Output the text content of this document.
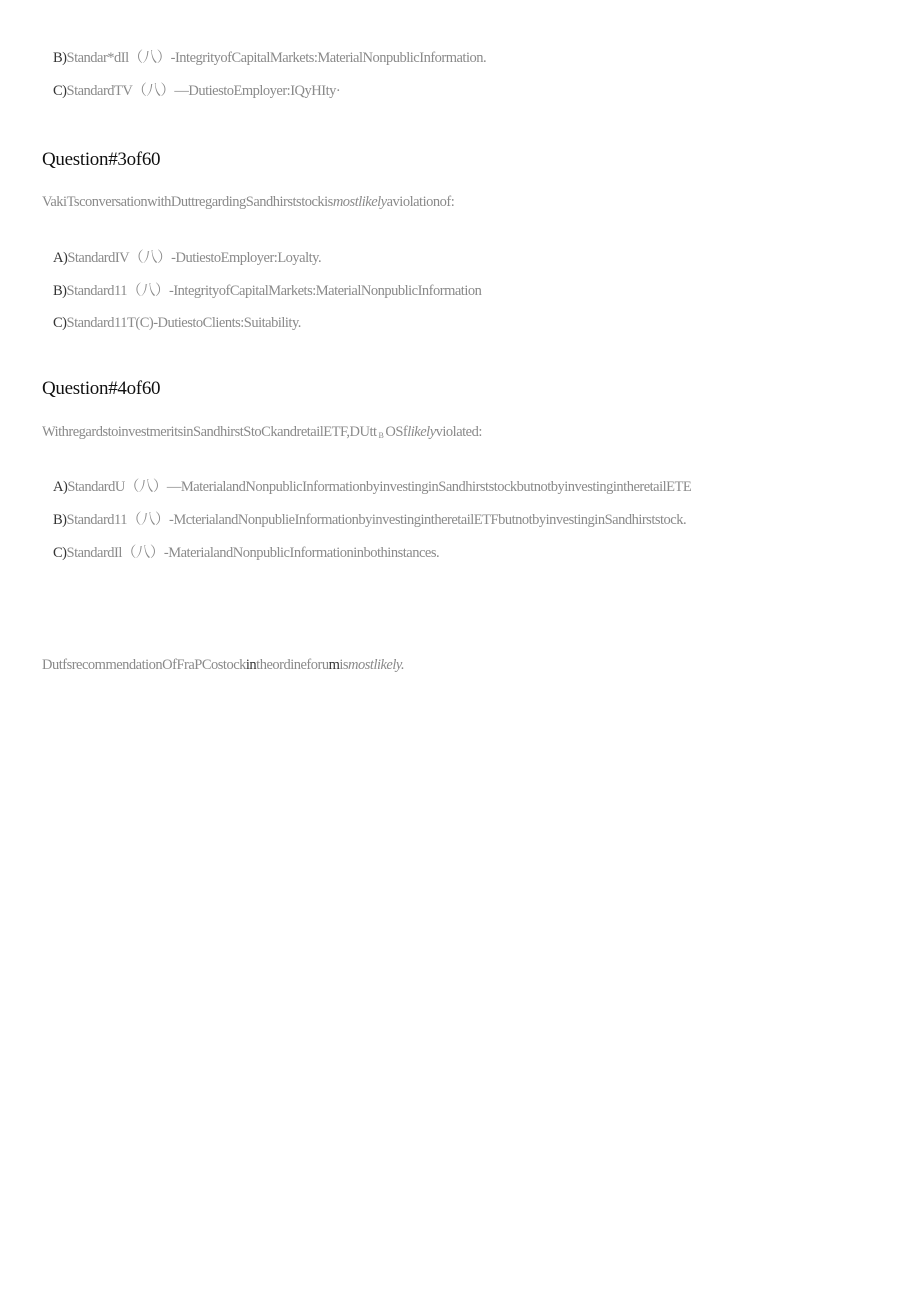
B)Standar*dIl（八）-IntegrityofCapitalMarkets:MaterialNonpublicInformation.
C)StandardTV（八）—DutiestoEmployer:IQyHIty·
Question#3of60
VakiTsconversationwithDuttregardingSandhirststockismostlikelyaviolationof:
A)StandardIV（八）-DutiestoEmployer:Loyalty.
B)Standard11（八）-IntegrityofCapitalMarkets:MaterialNonpublicInformation
C)Standard11T(C)-DutiestoClients:Suitability.
Question#4of60
WithregardstoinvestmeritsinSandhirstStoCkandretailETF,DUtt B OSflikelyviolated:
A)StandardU（八）—MaterialandNonpublicInformationbyinvestinginSandhirststockbutnotbyinvestingintheretailETE
B)Standard11（八）-McterialandNonpublieInformationbyinvestingintheretailETFbutnotbyinvestinginSandhirststock.
C)StandardIl（八）-MaterialandNonpublicInformationinbothinstances.
DutfsrecommendationOfFraPCostockintheordineforumismostlikely.
